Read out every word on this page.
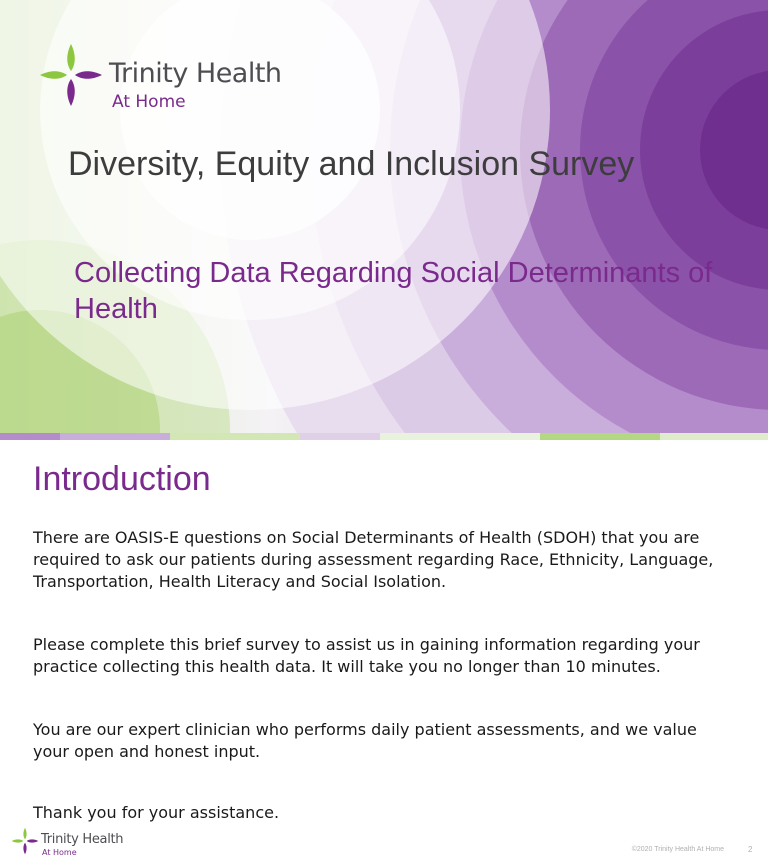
Trinity Health
At Home
Diversity, Equity and Inclusion Survey
Collecting Data Regarding Social Determinants of Health
Introduction

There are OASIS-E questions on Social Determinants of Health (SDOH) that you are required to ask our patients during assessment regarding Race, Ethnicity, Language, Transportation, Health Literacy and Social Isolation.

Please complete this brief survey to assist us in gaining information regarding your practice collecting this health data. It will take you no longer than 10 minutes.

You are our expert clinician who performs daily patient assessments, and we value your open and honest input.

Thank you for your assistance.

Trinity Health
At Home	©2020 Trinity Health At Home	2
